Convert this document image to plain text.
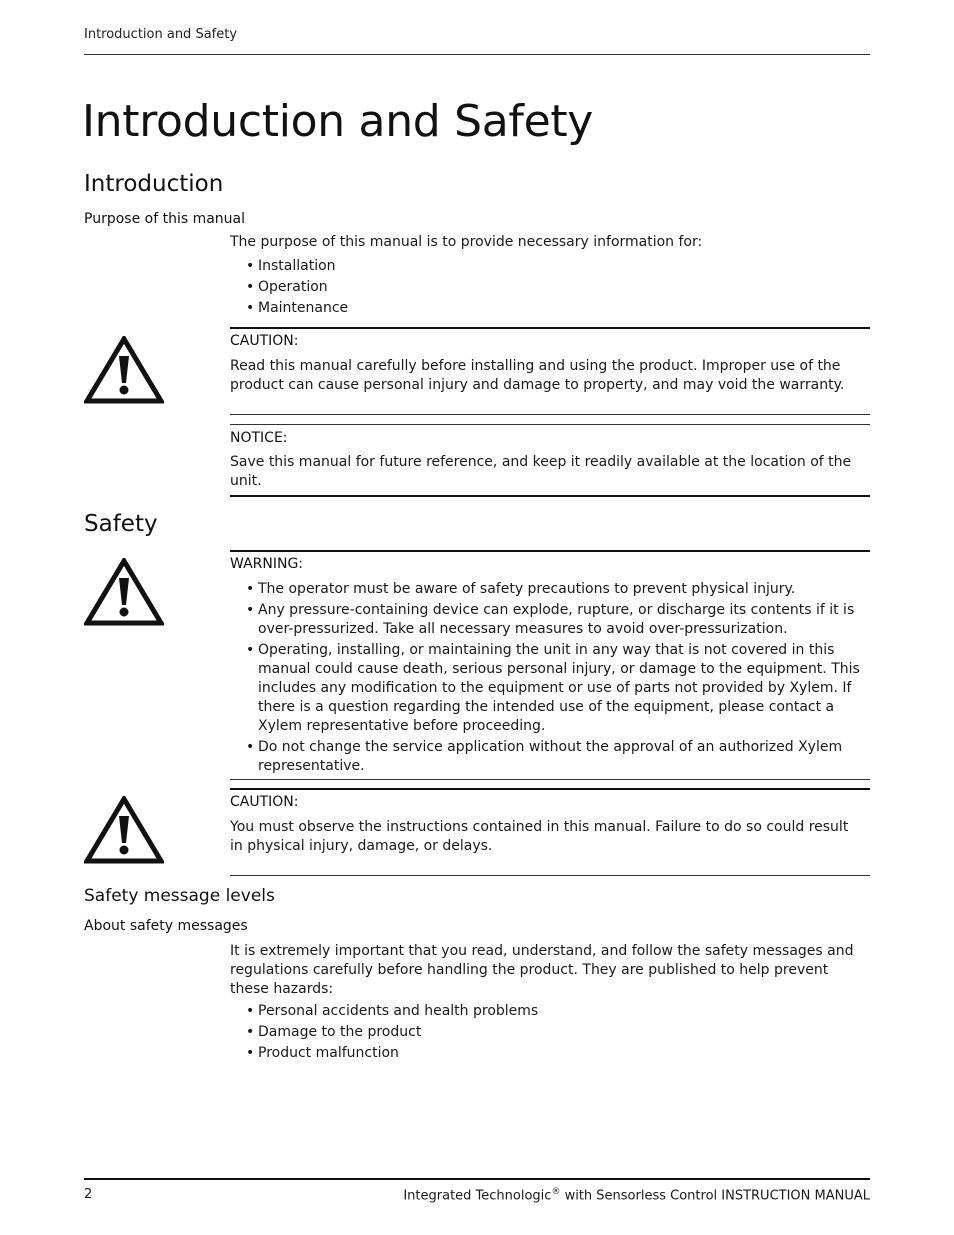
Introduction and Safety
Introduction and Safety
Introduction
Purpose of this manual
The purpose of this manual is to provide necessary information for:
• Installation
• Operation
• Maintenance
CAUTION:
Read this manual carefully before installing and using the product. Improper use of the product can cause personal injury and damage to property, and may void the warranty.
NOTICE:
Save this manual for future reference, and keep it readily available at the location of the unit.
Safety
WARNING:
• The operator must be aware of safety precautions to prevent physical injury.
• Any pressure-containing device can explode, rupture, or discharge its contents if it is over-pressurized. Take all necessary measures to avoid over-pressurization.
• Operating, installing, or maintaining the unit in any way that is not covered in this manual could cause death, serious personal injury, or damage to the equipment. This includes any modification to the equipment or use of parts not provided by Xylem. If there is a question regarding the intended use of the equipment, please contact a Xylem representative before proceeding.
• Do not change the service application without the approval of an authorized Xylem representative.
CAUTION:
You must observe the instructions contained in this manual. Failure to do so could result in physical injury, damage, or delays.
Safety message levels
About safety messages
It is extremely important that you read, understand, and follow the safety messages and regulations carefully before handling the product. They are published to help prevent these hazards:
• Personal accidents and health problems
• Damage to the product
• Product malfunction
2	Integrated Technologic® with Sensorless Control INSTRUCTION MANUAL
